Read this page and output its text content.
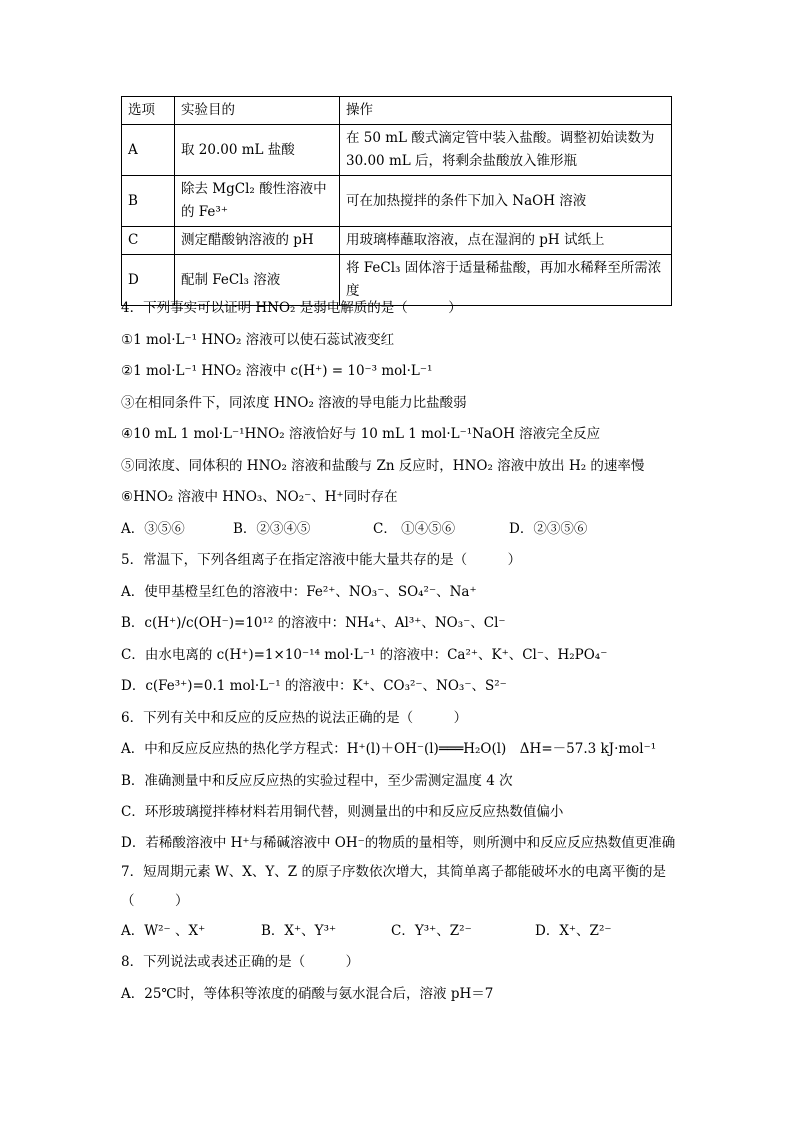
选项	实验目的	操作
A	取 20.00 mL 盐酸	在 50 mL 酸式滴定管中装入盐酸。调整初始读数为 30.00 mL 后，将剩余盐酸放入锥形瓶
B	除去 MgCl₂ 酸性溶液中的 Fe³⁺	可在加热搅拌的条件下加入 NaOH 溶液
C	测定醋酸钠溶液的 pH	用玻璃棒蘸取溶液，点在湿润的 pH 试纸上
D	配制 FeCl₃ 溶液	将 FeCl₃ 固体溶于适量稀盐酸，再加水稀释至所需浓度
4．下列事实可以证明 HNO₂ 是弱电解质的是（　　　）
①1 mol·L⁻¹ HNO₂ 溶液可以使石蕊试液变红
②1 mol·L⁻¹ HNO₂ 溶液中 c(H⁺) = 10⁻³ mol·L⁻¹
③在相同条件下，同浓度 HNO₂ 溶液的导电能力比盐酸弱
④10 mL 1 mol·L⁻¹HNO₂ 溶液恰好与 10 mL 1 mol·L⁻¹NaOH 溶液完全反应
⑤同浓度、同体积的 HNO₂ 溶液和盐酸与 Zn 反应时，HNO₂ 溶液中放出 H₂ 的速率慢
⑥HNO₂ 溶液中 HNO₃、NO₂⁻、H⁺同时存在
A．③⑤⑥	B．②③④⑤	C． ①④⑤⑥	D．②③⑤⑥
5．常温下，下列各组离子在指定溶液中能大量共存的是（　　　）
A．使甲基橙呈红色的溶液中：Fe²⁺、NO₃⁻、SO₄²⁻、Na⁺
B．c(H⁺)/c(OH⁻)=10¹² 的溶液中：NH₄⁺、Al³⁺、NO₃⁻、Cl⁻
C．由水电离的 c(H⁺)=1×10⁻¹⁴ mol·L⁻¹ 的溶液中：Ca²⁺、K⁺、Cl⁻、H₂PO₄⁻
D．c(Fe³⁺)=0.1 mol·L⁻¹ 的溶液中：K⁺、CO₃²⁻、NO₃⁻、S²⁻
6．下列有关中和反应的反应热的说法正确的是（　　　）
A．中和反应反应热的热化学方程式：H⁺(l)＋OH⁻(l)═══H₂O(l)　ΔH=－57.3 kJ·mol⁻¹
B．准确测量中和反应反应热的实验过程中，至少需测定温度 4 次
C．环形玻璃搅拌棒材料若用铜代替，则测量出的中和反应反应热数值偏小
D．若稀酸溶液中 H⁺与稀碱溶液中 OH⁻的物质的量相等，则所测中和反应反应热数值更准确
7．短周期元素 W、X、Y、Z 的原子序数依次增大，其简单离子都能破坏水的电离平衡的是（　　　）
A．W²⁻ 、X⁺	B．X⁺、Y³⁺	C．Y³⁺、Z²⁻	D．X⁺、Z²⁻
8．下列说法或表述正确的是（　　　）
A．25℃时，等体积等浓度的硝酸与氨水混合后，溶液 pH＝7
